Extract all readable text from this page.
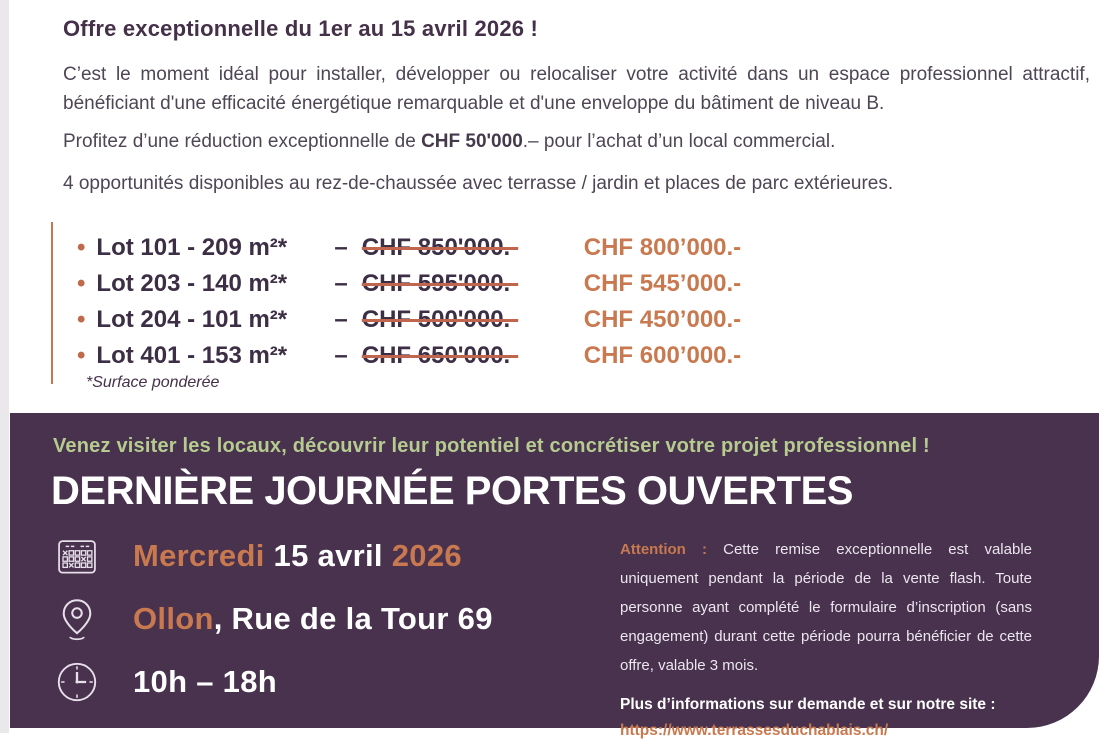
Offre exceptionnelle du 1er au 15 avril 2026 !
C’est le moment idéal pour installer, développer ou relocaliser votre activité dans un espace professionnel attractif, bénéficiant d'une efficacité énergétique remarquable et d'une enveloppe du bâtiment de niveau B.
Profitez d’une réduction exceptionnelle de CHF 50'000.– pour l’achat d’un local commercial.
4 opportunités disponibles au rez-de-chaussée avec terrasse / jardin et places de parc extérieures.
• Lot 101 - 209 m²*	– CHF 850'000.-	CHF 800’000.-
• Lot 203 - 140 m²*	– CHF 595'000.-	CHF 545’000.-
• Lot 204 - 101 m²*	– CHF 500'000.-	CHF 450’000.-
• Lot 401 - 153 m²*	– CHF 650'000.-	CHF 600’000.-
*Surface ponderée
Venez visiter les locaux, découvrir leur potentiel et concrétiser votre projet professionnel !
DERNIÈRE JOURNÉE PORTES OUVERTES
Mercredi 15 avril 2026
Ollon, Rue de la Tour 69
10h – 18h
Attention : Cette remise exceptionnelle est valable uniquement pendant la période de la vente flash. Toute personne ayant complété le formulaire d’inscription (sans engagement) durant cette période pourra bénéficier de cette offre, valable 3 mois.
Plus d’informations sur demande et sur notre site :
https://www.terrassesduchablais.ch/
